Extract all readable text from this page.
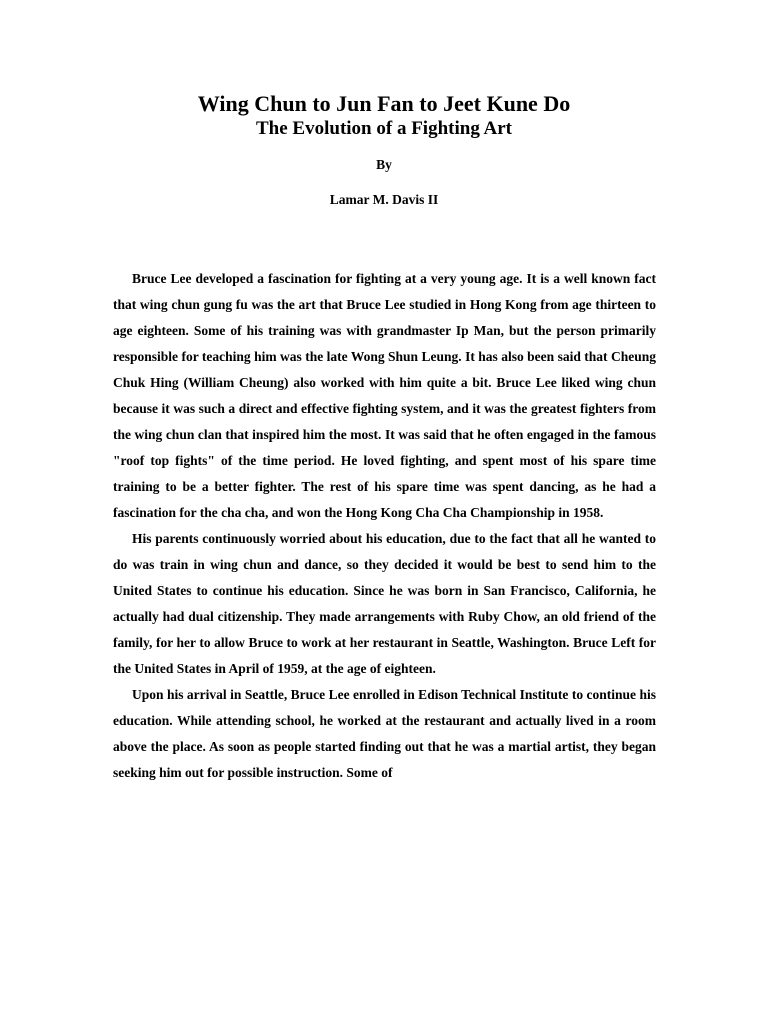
Wing Chun to Jun Fan to Jeet Kune Do
The Evolution of a Fighting Art

By

Lamar M. Davis II

Bruce Lee developed a fascination for fighting at a very young age. It is a well known fact that wing chun gung fu was the art that Bruce Lee studied in Hong Kong from age thirteen to age eighteen. Some of his training was with grandmaster Ip Man, but the person primarily responsible for teaching him was the late Wong Shun Leung. It has also been said that Cheung Chuk Hing (William Cheung) also worked with him quite a bit. Bruce Lee liked wing chun because it was such a direct and effective fighting system, and it was the greatest fighters from the wing chun clan that inspired him the most. It was said that he often engaged in the famous "roof top fights" of the time period. He loved fighting, and spent most of his spare time training to be a better fighter. The rest of his spare time was spent dancing, as he had a fascination for the cha cha, and won the Hong Kong Cha Cha Championship in 1958.

His parents continuously worried about his education, due to the fact that all he wanted to do was train in wing chun and dance, so they decided it would be best to send him to the United States to continue his education. Since he was born in San Francisco, California, he actually had dual citizenship. They made arrangements with Ruby Chow, an old friend of the family, for her to allow Bruce to work at her restaurant in Seattle, Washington. Bruce Left for the United States in April of 1959, at the age of eighteen.

Upon his arrival in Seattle, Bruce Lee enrolled in Edison Technical Institute to continue his education. While attending school, he worked at the restaurant and actually lived in a room above the place. As soon as people started finding out that he was a martial artist, they began seeking him out for possible instruction. Some of
